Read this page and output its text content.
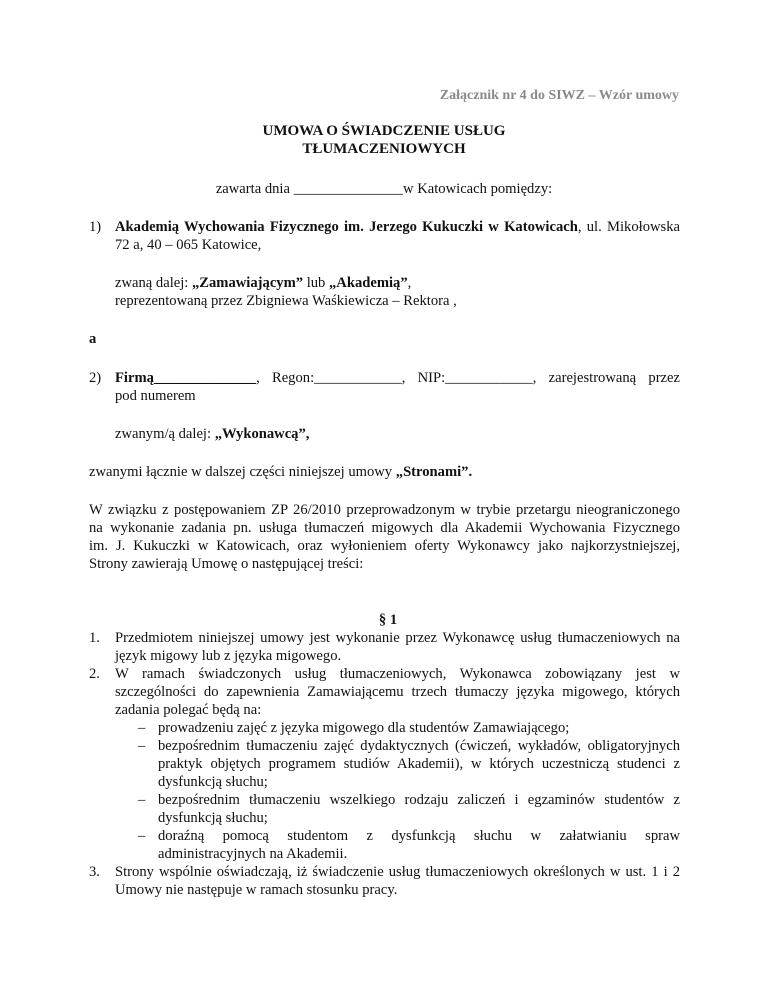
Załącznik nr 4 do SIWZ – Wzór umowy
UMOWA O ŚWIADCZENIE USŁUG
TŁUMACZENIOWYCH
zawarta dnia _______________w Katowicach pomiędzy:
1) Akademią Wychowania Fizycznego im. Jerzego Kukuczki w Katowicach, ul. Mikołowska
72 a, 40 – 065 Katowice,
zwaną dalej: „Zamawiającym” lub „Akademią”,
reprezentowaną przez Zbigniewa Waśkiewicza – Rektora ,
a
2) Firmą______________, Regon:____________, NIP:____________, zarejestrowaną przez
pod numerem
zwanym/ą dalej: „Wykonawcą”,
zwanymi łącznie w dalszej części niniejszej umowy „Stronami”.
W związku z postępowaniem ZP 26/2010 przeprowadzonym w trybie przetargu nieograniczonego
na wykonanie zadania pn. usługa tłumaczeń migowych dla Akademii Wychowania Fizycznego
im. J. Kukuczki w Katowicach, oraz wyłonieniem oferty Wykonawcy jako najkorzystniejszej,
Strony zawierają Umowę o następującej treści:
§ 1
1.	Przedmiotem niniejszej umowy jest wykonanie przez Wykonawcę usług tłumaczeniowych na
język migowy lub z języka migowego.
2.	W ramach świadczonych usług tłumaczeniowych, Wykonawca zobowiązany jest w
szczególności do zapewnienia Zamawiającemu trzech tłumaczy języka migowego, których
zadania polegać będą na:
– prowadzeniu zajęć z języka migowego dla studentów Zamawiającego;
– bezpośrednim tłumaczeniu zajęć dydaktycznych (ćwiczeń, wykładów, obligatoryjnych
praktyk objętych programem studiów Akademii), w których uczestniczą studenci z
dysfunkcją słuchu;
– bezpośrednim tłumaczeniu wszelkiego rodzaju zaliczeń i egzaminów studentów z
dysfunkcją słuchu;
– doraźną pomocą studentom z dysfunkcją słuchu w załatwianiu spraw
administracyjnych na Akademii.
3.	Strony wspólnie oświadczają, iż świadczenie usług tłumaczeniowych określonych w ust. 1 i 2
Umowy nie następuje w ramach stosunku pracy.
